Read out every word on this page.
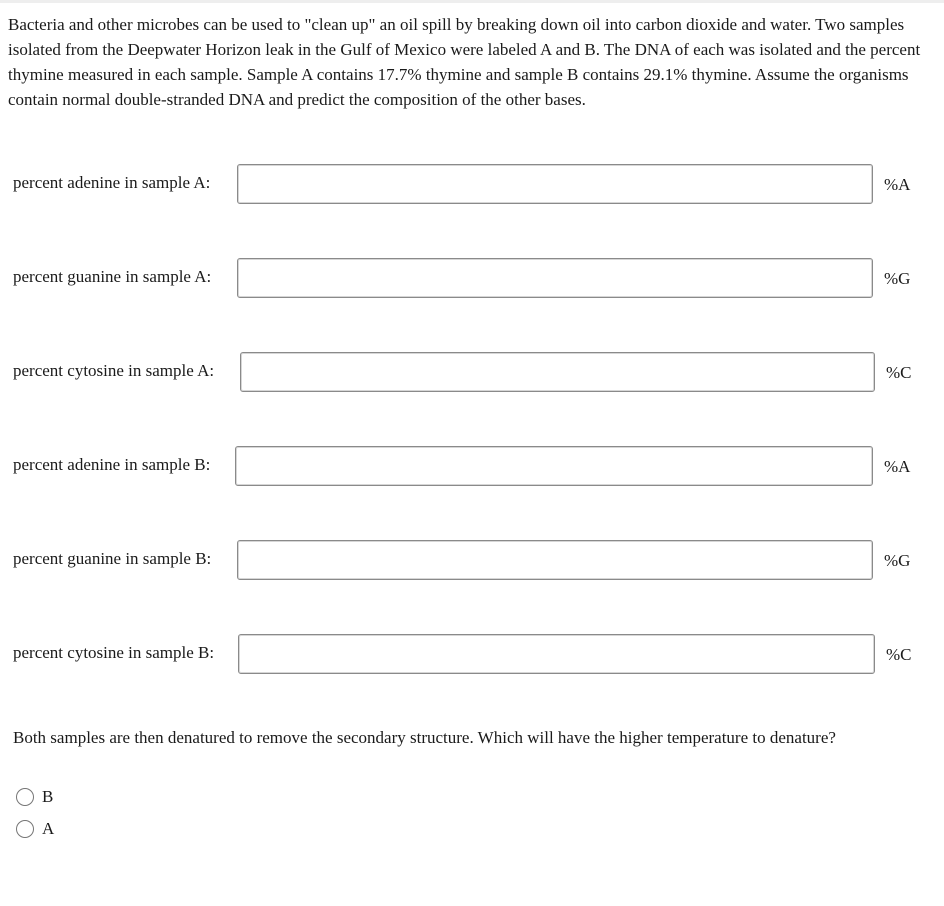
Bacteria and other microbes can be used to "clean up" an oil spill by breaking down oil into carbon dioxide and water. Two samples isolated from the Deepwater Horizon leak in the Gulf of Mexico were labeled A and B. The DNA of each was isolated and the percent thymine measured in each sample. Sample A contains 17.7% thymine and sample B contains 29.1% thymine. Assume the organisms contain normal double-stranded DNA and predict the composition of the other bases.

percent adenine in sample A:	%A
percent guanine in sample A:	%G
percent cytosine in sample A:	%C
percent adenine in sample B:	%A
percent guanine in sample B:	%G
percent cytosine in sample B:	%C

Both samples are then denatured to remove the secondary structure. Which will have the higher temperature to denature?

B
A
